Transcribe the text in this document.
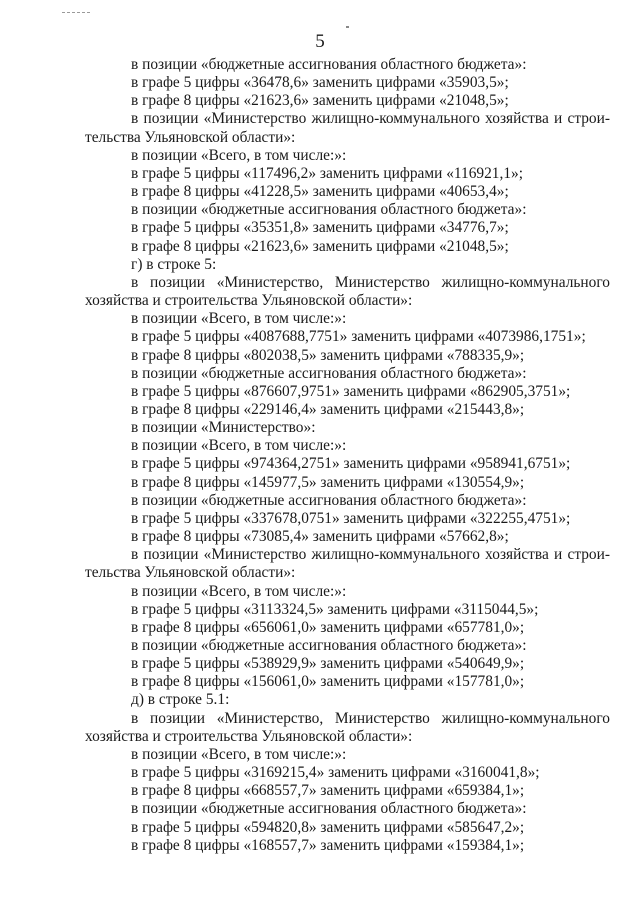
5
в позиции «бюджетные ассигнования областного бюджета»:
в графе 5 цифры «36478,6» заменить цифрами «35903,5»;
в графе 8 цифры «21623,6» заменить цифрами «21048,5»;
в позиции «Министерство жилищно-коммунального хозяйства и строи-
тельства Ульяновской области»:
в позиции «Всего, в том числе:»:
в графе 5 цифры «117496,2» заменить цифрами «116921,1»;
в графе 8 цифры «41228,5» заменить цифрами «40653,4»;
в позиции «бюджетные ассигнования областного бюджета»:
в графе 5 цифры «35351,8» заменить цифрами «34776,7»;
в графе 8 цифры «21623,6» заменить цифрами «21048,5»;
г) в строке 5:
в позиции «Министерство, Министерство жилищно-коммунального
хозяйства и строительства Ульяновской области»:
в позиции «Всего, в том числе:»:
в графе 5 цифры «4087688,7751» заменить цифрами «4073986,1751»;
в графе 8 цифры «802038,5» заменить цифрами «788335,9»;
в позиции «бюджетные ассигнования областного бюджета»:
в графе 5 цифры «876607,9751» заменить цифрами «862905,3751»;
в графе 8 цифры «229146,4» заменить цифрами «215443,8»;
в позиции «Министерство»:
в позиции «Всего, в том числе:»:
в графе 5 цифры «974364,2751» заменить цифрами «958941,6751»;
в графе 8 цифры «145977,5» заменить цифрами «130554,9»;
в позиции «бюджетные ассигнования областного бюджета»:
в графе 5 цифры «337678,0751» заменить цифрами «322255,4751»;
в графе 8 цифры «73085,4» заменить цифрами «57662,8»;
в позиции «Министерство жилищно-коммунального хозяйства и строи-
тельства Ульяновской области»:
в позиции «Всего, в том числе:»:
в графе 5 цифры «3113324,5» заменить цифрами «3115044,5»;
в графе 8 цифры «656061,0» заменить цифрами «657781,0»;
в позиции «бюджетные ассигнования областного бюджета»:
в графе 5 цифры «538929,9» заменить цифрами «540649,9»;
в графе 8 цифры «156061,0» заменить цифрами «157781,0»;
д) в строке 5.1:
в позиции «Министерство, Министерство жилищно-коммунального
хозяйства и строительства Ульяновской области»:
в позиции «Всего, в том числе:»:
в графе 5 цифры «3169215,4» заменить цифрами «3160041,8»;
в графе 8 цифры «668557,7» заменить цифрами «659384,1»;
в позиции «бюджетные ассигнования областного бюджета»:
в графе 5 цифры «594820,8» заменить цифрами «585647,2»;
в графе 8 цифры «168557,7» заменить цифрами «159384,1»;
